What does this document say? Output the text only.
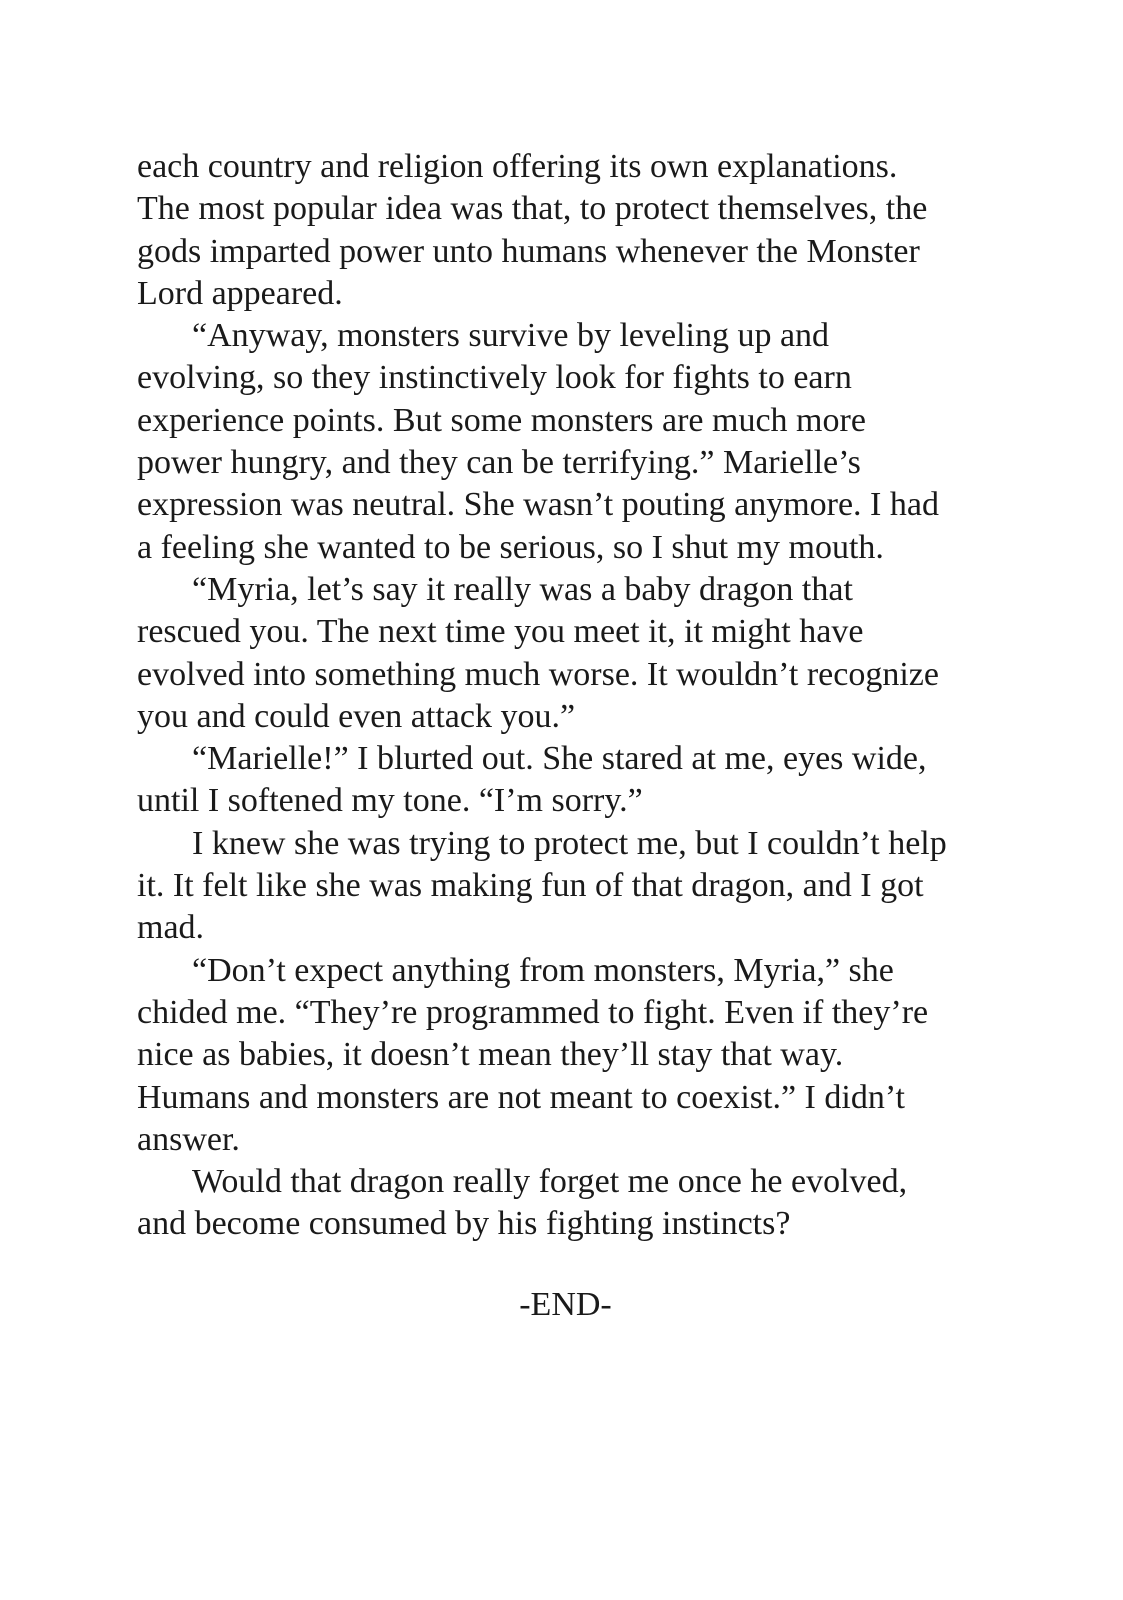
each country and religion offering its own explanations.
The most popular idea was that, to protect themselves, the
gods imparted power unto humans whenever the Monster
Lord appeared.
“Anyway, monsters survive by leveling up and
evolving, so they instinctively look for fights to earn
experience points. But some monsters are much more
power hungry, and they can be terrifying.” Marielle’s
expression was neutral. She wasn’t pouting anymore. I had
a feeling she wanted to be serious, so I shut my mouth.
“Myria, let’s say it really was a baby dragon that
rescued you. The next time you meet it, it might have
evolved into something much worse. It wouldn’t recognize
you and could even attack you.”
“Marielle!” I blurted out. She stared at me, eyes wide,
until I softened my tone. “I’m sorry.”
I knew she was trying to protect me, but I couldn’t help
it. It felt like she was making fun of that dragon, and I got
mad.
“Don’t expect anything from monsters, Myria,” she
chided me. “They’re programmed to fight. Even if they’re
nice as babies, it doesn’t mean they’ll stay that way.
Humans and monsters are not meant to coexist.” I didn’t
answer.
Would that dragon really forget me once he evolved,
and become consumed by his fighting instincts?
-END-
